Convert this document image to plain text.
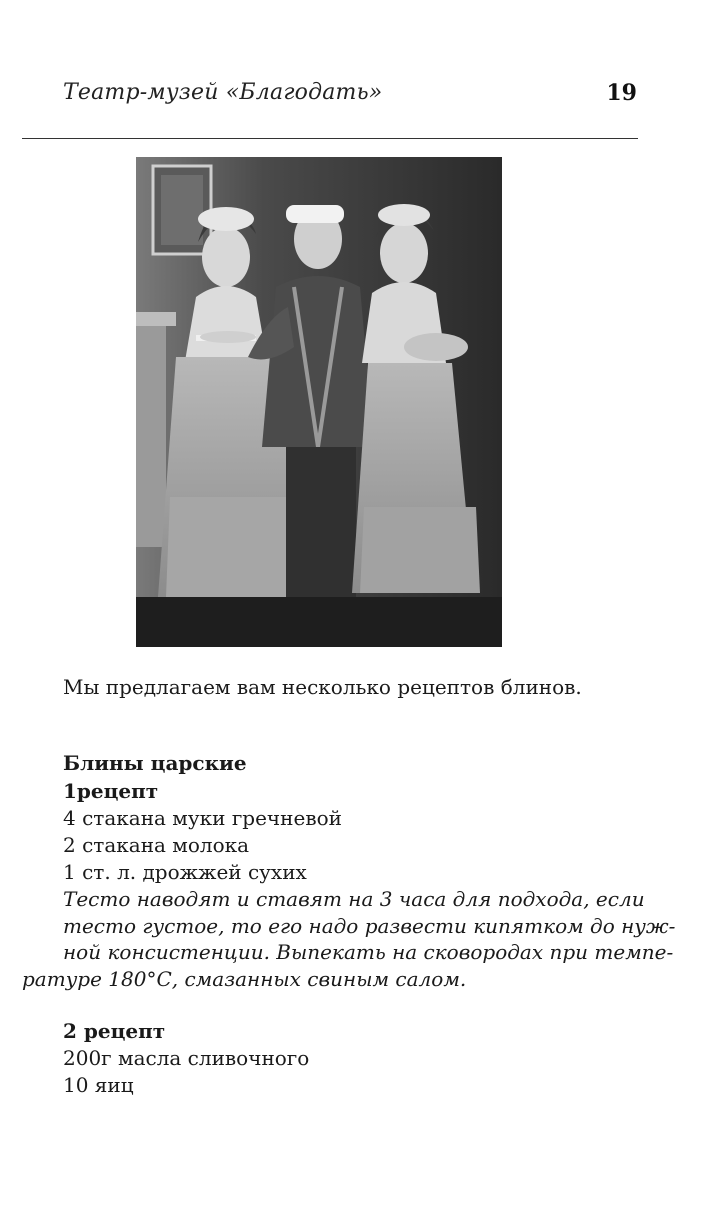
Театр-музей «Благодать»	19
Мы предлагаем вам несколько рецептов блинов.
Блины царские
1рецепт
4 стакана муки гречневой
2 стакана молока
1 ст. л. дрожжей сухих
Тесто наводят и ставят на 3 часа для подхода, если
тесто густое, то его надо развести кипятком до нуж-
ной консистенции. Выпекать на сковородах при темпе-
ратуре 180°С, смазанных свиным салом.
2 рецепт
200г масла сливочного
10 яиц
